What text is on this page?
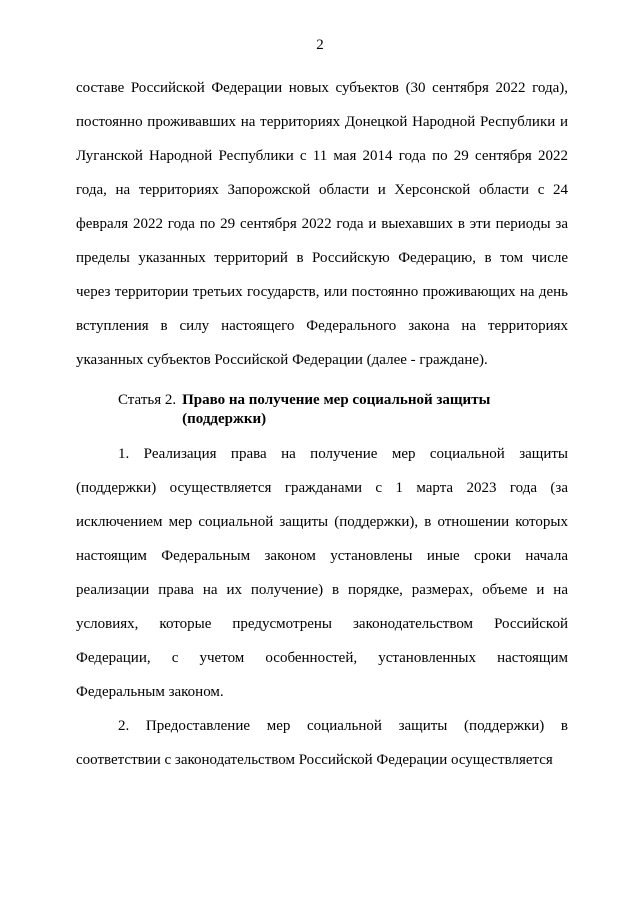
2

составе Российской Федерации новых субъектов (30 сентября 2022 года), постоянно проживавших на территориях Донецкой Народной Республики и Луганской Народной Республики с 11 мая 2014 года по 29 сентября 2022 года, на территориях Запорожской области и Херсонской области с 24 февраля 2022 года по 29 сентября 2022 года и выехавших в эти периоды за пределы указанных территорий в Российскую Федерацию, в том числе через территории третьих государств, или постоянно проживающих на день вступления в силу настоящего Федерального закона на территориях указанных субъектов Российской Федерации (далее - граждане).

Статья 2. Право на получение мер социальной защиты
(поддержки)

1. Реализация права на получение мер социальной защиты (поддержки) осуществляется гражданами с 1 марта 2023 года (за исключением мер социальной защиты (поддержки), в отношении которых настоящим Федеральным законом установлены иные сроки начала реализации права на их получение) в порядке, размерах, объеме и на условиях, которые предусмотрены законодательством Российской Федерации, с учетом особенностей, установленных настоящим Федеральным законом.

2. Предоставление мер социальной защиты (поддержки) в соответствии с законодательством Российской Федерации осуществляется
